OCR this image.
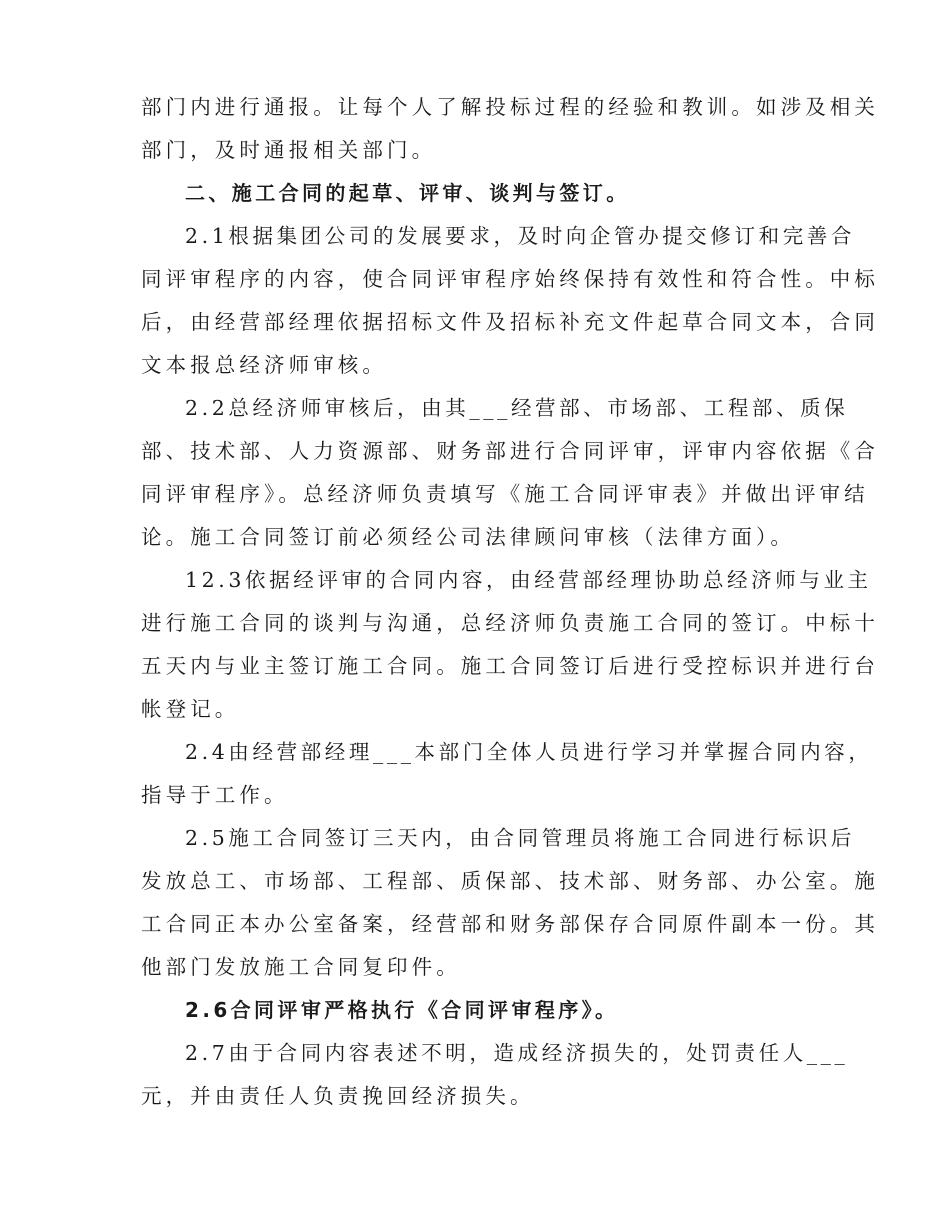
部门内进行通报。让每个人了解投标过程的经验和教训。如涉及相关
部门，及时通报相关部门。
二、施工合同的起草、评审、谈判与签订。
2.1根据集团公司的发展要求，及时向企管办提交修订和完善合
同评审程序的内容，使合同评审程序始终保持有效性和符合性。中标
后，由经营部经理依据招标文件及招标补充文件起草合同文本，合同
文本报总经济师审核。
2.2总经济师审核后，由其___经营部、市场部、工程部、质保
部、技术部、人力资源部、财务部进行合同评审，评审内容依据《合
同评审程序》。总经济师负责填写《施工合同评审表》并做出评审结
论。施工合同签订前必须经公司法律顾问审核（法律方面）。
12.3依据经评审的合同内容，由经营部经理协助总经济师与业主
进行施工合同的谈判与沟通，总经济师负责施工合同的签订。中标十
五天内与业主签订施工合同。施工合同签订后进行受控标识并进行台
帐登记。
2.4由经营部经理___本部门全体人员进行学习并掌握合同内容，
指导于工作。
2.5施工合同签订三天内，由合同管理员将施工合同进行标识后
发放总工、市场部、工程部、质保部、技术部、财务部、办公室。施
工合同正本办公室备案，经营部和财务部保存合同原件副本一份。其
他部门发放施工合同复印件。
2.6合同评审严格执行《合同评审程序》。
2.7由于合同内容表述不明，造成经济损失的，处罚责任人___
元，并由责任人负责挽回经济损失。
